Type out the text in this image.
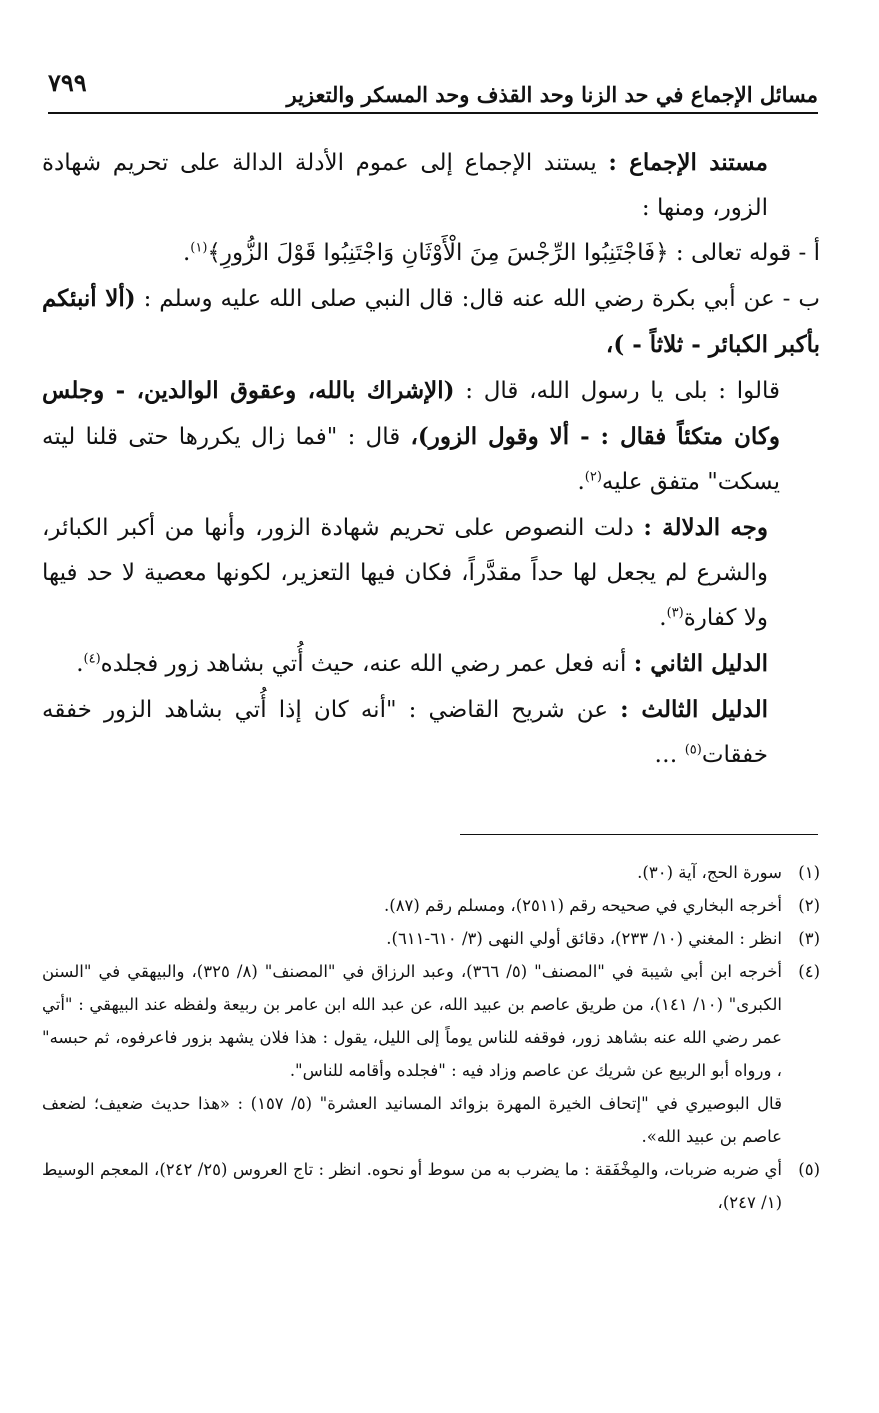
مسائل الإجماع في حد الزنا وحد القذف وحد المسكر والتعزير
٧٩٩

مستند الإجماع : يستند الإجماع إلى عموم الأدلة الدالة على تحريم شهادة الزور، ومنها :

أ - قوله تعالى : ﴿فَاجْتَنِبُوا الرِّجْسَ مِنَ الْأَوْثَانِ وَاجْتَنِبُوا قَوْلَ الزُّورِ﴾$^{(١)}$.

ب - عن أبي بكرة رضي الله عنه قال: قال النبي صلى الله عليه وسلم : (ألا أنبئكم بأكبر الكبائر - ثلاثاً - )،

قالوا : بلى يا رسول الله، قال : (الإشراك بالله، وعقوق الوالدين، - وجلس وكان متكئاً فقال : - ألا وقول الزور)، قال : "فما زال يكررها حتى قلنا ليته يسكت" متفق عليه$^{(٢)}$.

وجه الدلالة : دلت النصوص على تحريم شهادة الزور، وأنها من أكبر الكبائر، والشرع لم يجعل لها حداً مقدَّراً، فكان فيها التعزير، لكونها معصية لا حد فيها ولا كفارة$^{(٣)}$.

الدليل الثاني : أنه فعل عمر رضي الله عنه، حيث أُتي بشاهد زور فجلده$^{(٤)}$.

الدليل الثالث : عن شريح القاضي : "أنه كان إذا أُتي بشاهد الزور خفقه خفقات$^{(٥)}$ …

(١)
سورة الحج، آية (٣٠).

(٢)
أخرجه البخاري في صحيحه رقم (٢٥١١)، ومسلم رقم (٨٧).

(٣)
انظر : المغني (١٠/ ٢٣٣)، دقائق أولي النهى (٣/ ٦١٠-٦١١).

(٤)
أخرجه ابن أبي شيبة في "المصنف" (٥/ ٣٦٦)، وعبد الرزاق في "المصنف" (٨/ ٣٢٥)، والبيهقي في "السنن الكبرى" (١٠/ ١٤١)، من طريق عاصم بن عبيد الله، عن عبد الله ابن عامر بن ربيعة ولفظه عند البيهقي : "أتي عمر رضي الله عنه بشاهد زور، فوقفه للناس يوماً إلى الليل، يقول : هذا فلان يشهد بزور فاعرفوه، ثم حبسه" ، ورواه أبو الربيع عن شريك عن عاصم وزاد فيه : "فجلده وأقامه للناس".

قال البوصيري في "إتحاف الخيرة المهرة بزوائد المسانيد العشرة" (٥/ ١٥٧) : «هذا حديث ضعيف؛ لضعف عاصم بن عبيد الله».

(٥)
أي ضربه ضربات، والمِخْفَقة : ما يضرب به من سوط أو نحوه. انظر : تاج العروس (٢٥/ ٢٤٢)، المعجم الوسيط (١/ ٢٤٧)،
